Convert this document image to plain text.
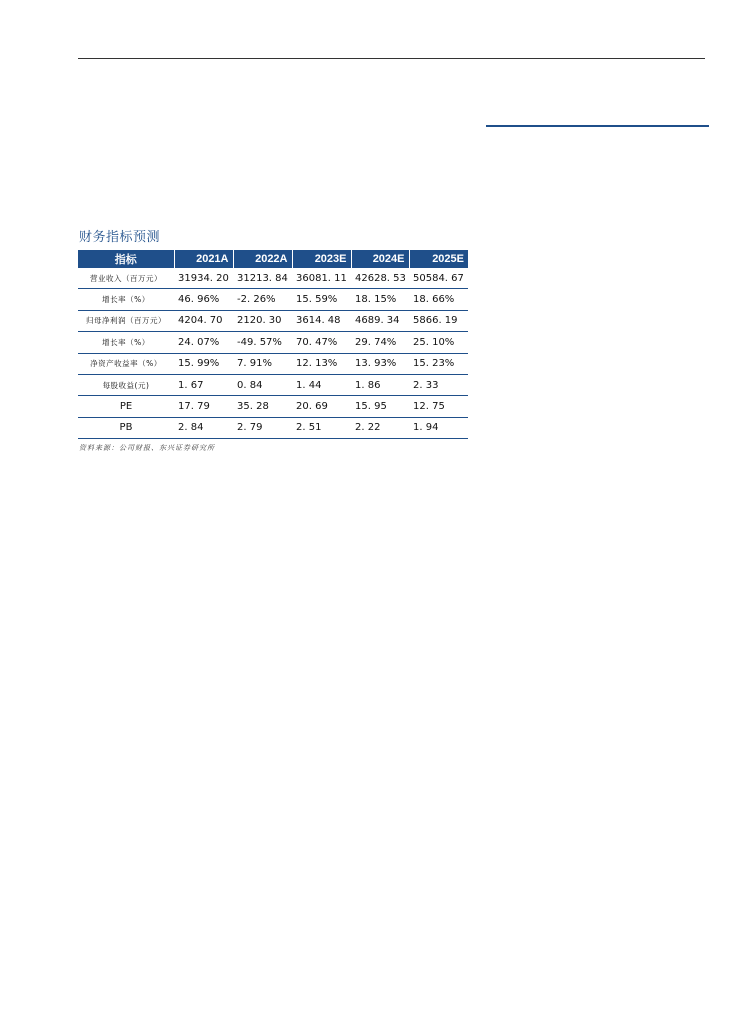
财务指标预测
指标	2021A	2022A	2023E	2024E	2025E
营业收入（百万元）	31934. 20	31213. 84	36081. 11	42628. 53	50584. 67
增长率（%）	46. 96%	-2. 26%	15. 59%	18. 15%	18. 66%
归母净利润（百万元）	4204. 70	2120. 30	3614. 48	4689. 34	5866. 19
增长率（%）	24. 07%	-49. 57%	70. 47%	29. 74%	25. 10%
净资产收益率（%）	15. 99%	7. 91%	12. 13%	13. 93%	15. 23%
每股收益(元)	1. 67	0. 84	1. 44	1. 86	2. 33
PE	17. 79	35. 28	20. 69	15. 95	12. 75
PB	2. 84	2. 79	2. 51	2. 22	1. 94
资料来源：公司财报、东兴证券研究所
